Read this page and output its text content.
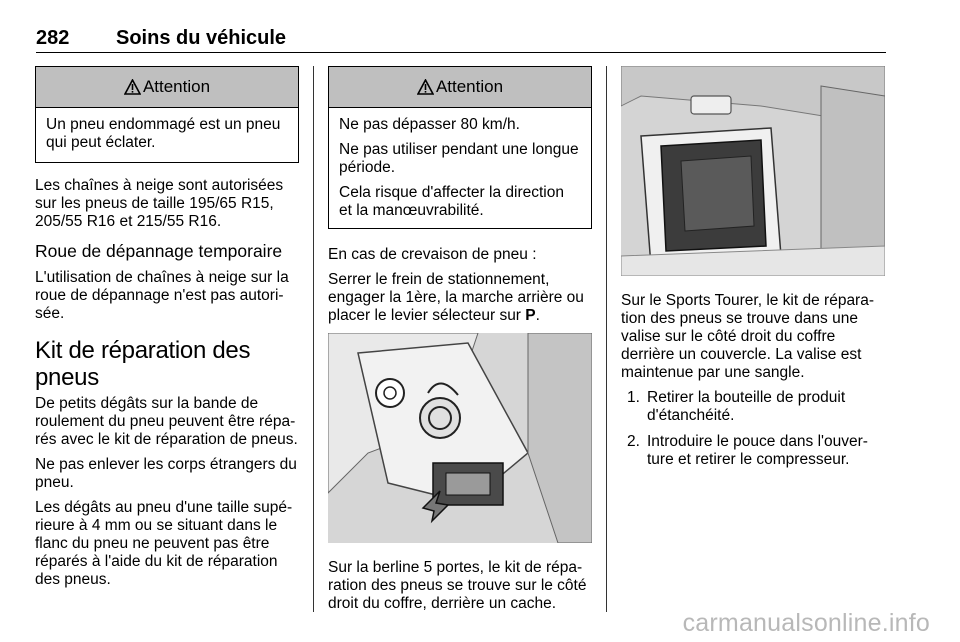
282 Soins du véhicule
Attention

Un pneu endommagé est un pneu qui peut éclater.

Les chaînes à neige sont autorisées sur les pneus de taille 195/65 R15, 205/55 R16 et 215/55 R16.

Roue de dépannage temporaire

L'utilisation de chaînes à neige sur la roue de dépannage n'est pas autorisée.

Kit de réparation des pneus

De petits dégâts sur la bande de roulement du pneu peuvent être réparés avec le kit de réparation de pneus.

Ne pas enlever les corps étrangers du pneu.

Les dégâts au pneu d'une taille supérieure à 4 mm ou se situant dans le flanc du pneu ne peuvent pas être réparés à l'aide du kit de réparation des pneus.

Attention

Ne pas dépasser 80 km/h.

Ne pas utiliser pendant une longue période.

Cela risque d'affecter la direction et la manœuvrabilité.

En cas de crevaison de pneu :

Serrer le frein de stationnement, engager la 1ère, la marche arrière ou placer le levier sélecteur sur P.

Sur la berline 5 portes, le kit de réparation des pneus se trouve sur le côté droit du coffre, derrière un cache.

Sur le Sports Tourer, le kit de réparation des pneus se trouve dans une valise sur le côté droit du coffre derrière un couvercle. La valise est maintenue par une sangle.

1. Retirer la bouteille de produit d'étanchéité.
2. Introduire le pouce dans l'ouverture et retirer le compresseur.
carmanualsonline.info
